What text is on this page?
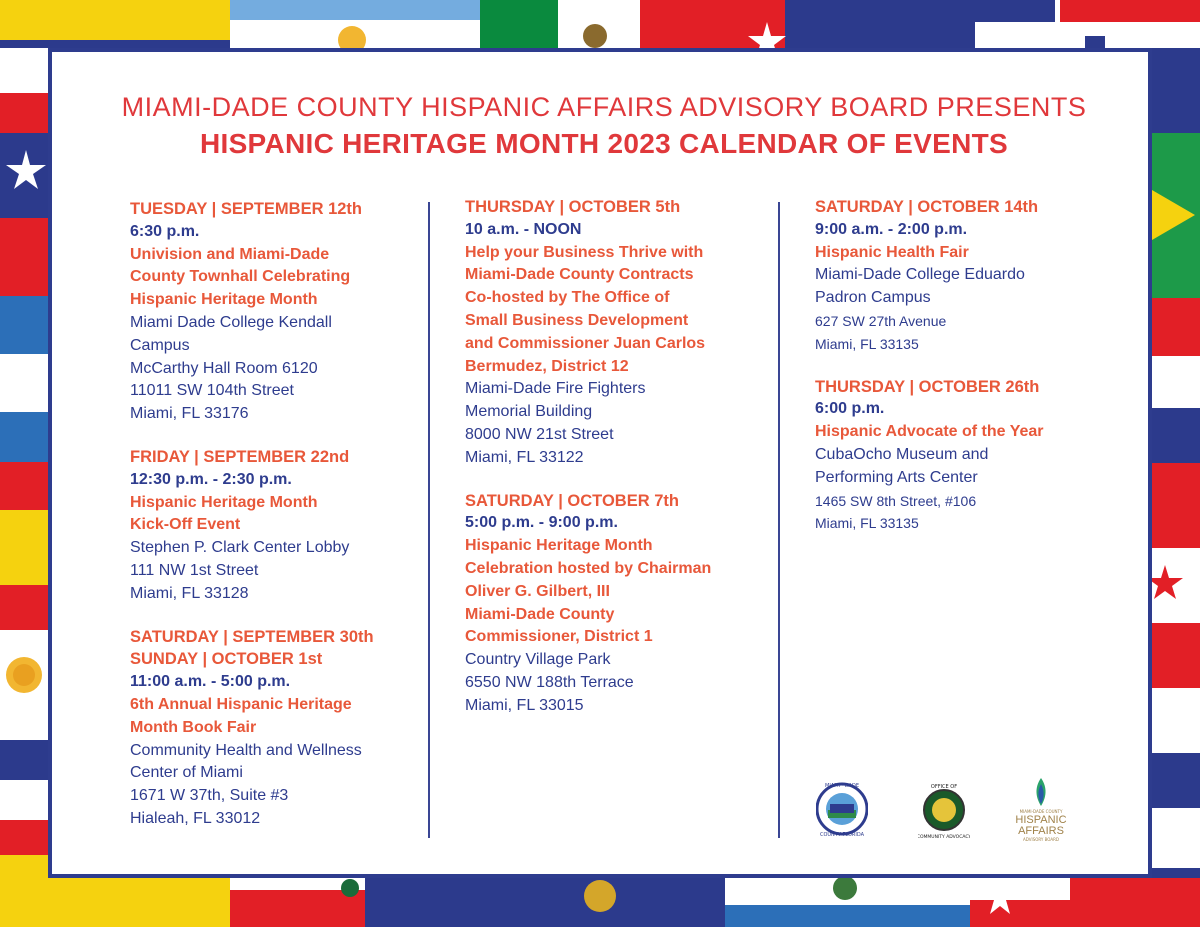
MIAMI-DADE COUNTY HISPANIC AFFAIRS ADVISORY BOARD PRESENTS
HISPANIC HERITAGE MONTH 2023 CALENDAR OF EVENTS
TUESDAY | SEPTEMBER 12th
6:30 p.m.
Univision and Miami-Dade
County Townhall Celebrating
Hispanic Heritage Month
Miami Dade College Kendall
Campus
McCarthy Hall Room 6120
11011 SW 104th Street
Miami, FL 33176
FRIDAY | SEPTEMBER 22nd
12:30 p.m. - 2:30 p.m.
Hispanic Heritage Month
Kick-Off Event
Stephen P. Clark Center Lobby
111 NW 1st Street
Miami, FL 33128
SATURDAY | SEPTEMBER 30th
SUNDAY | OCTOBER 1st
11:00 a.m. - 5:00 p.m.
6th Annual Hispanic Heritage
Month Book Fair
Community Health and Wellness
Center of Miami
1671 W 37th, Suite #3
Hialeah, FL 33012
THURSDAY | OCTOBER 5th
10 a.m. - NOON
Help your Business Thrive with
Miami-Dade County Contracts
Co-hosted by The Office of
Small Business Development
and Commissioner Juan Carlos
Bermudez, District 12
Miami-Dade Fire Fighters
Memorial Building
8000 NW 21st Street
Miami, FL 33122
SATURDAY | OCTOBER 7th
5:00 p.m. - 9:00 p.m.
Hispanic Heritage Month
Celebration hosted by Chairman
Oliver G. Gilbert, III
Miami-Dade County
Commissioner, District 1
Country Village Park
6550 NW 188th Terrace
Miami, FL 33015
SATURDAY | OCTOBER 14th
9:00 a.m. - 2:00 p.m.
Hispanic Health Fair
Miami-Dade College Eduardo
Padron Campus
627 SW 27th Avenue
Miami, FL 33135
THURSDAY | OCTOBER 26th
6:00 p.m.
Hispanic Advocate of the Year
CubaOcho Museum and
Performing Arts Center
1465 SW 8th Street, #106
Miami, FL 33135
MIAMI · DADE
COUNTY FLORIDA
OFFICE OF
COMMUNITY ADVOCACY
MIAMI-DADE COUNTY
HISPANIC
AFFAIRS
ADVISORY BOARD
